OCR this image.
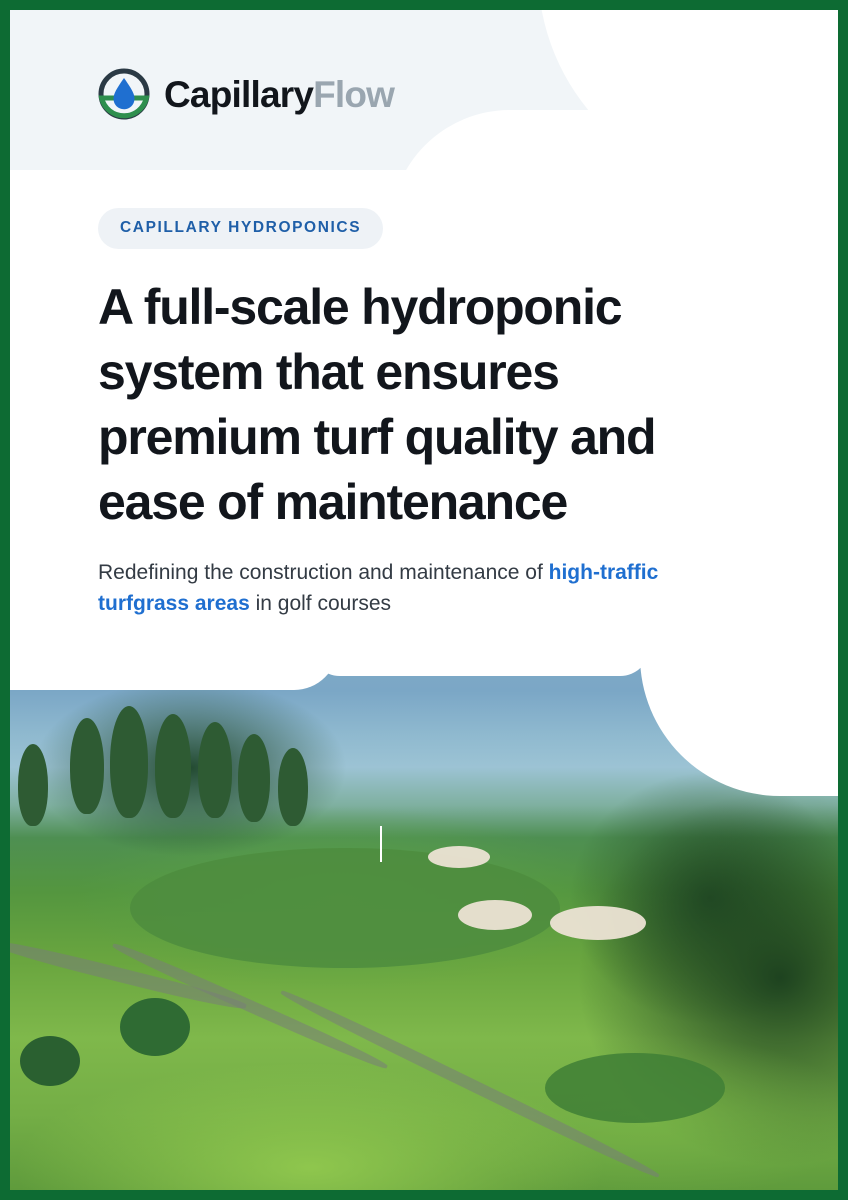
CapillaryFlow
CAPILLARY HYDROPONICS
A full-scale hydroponic system that ensures premium turf quality and ease of maintenance

Redefining the construction and maintenance of high-traffic turfgrass areas in golf courses
